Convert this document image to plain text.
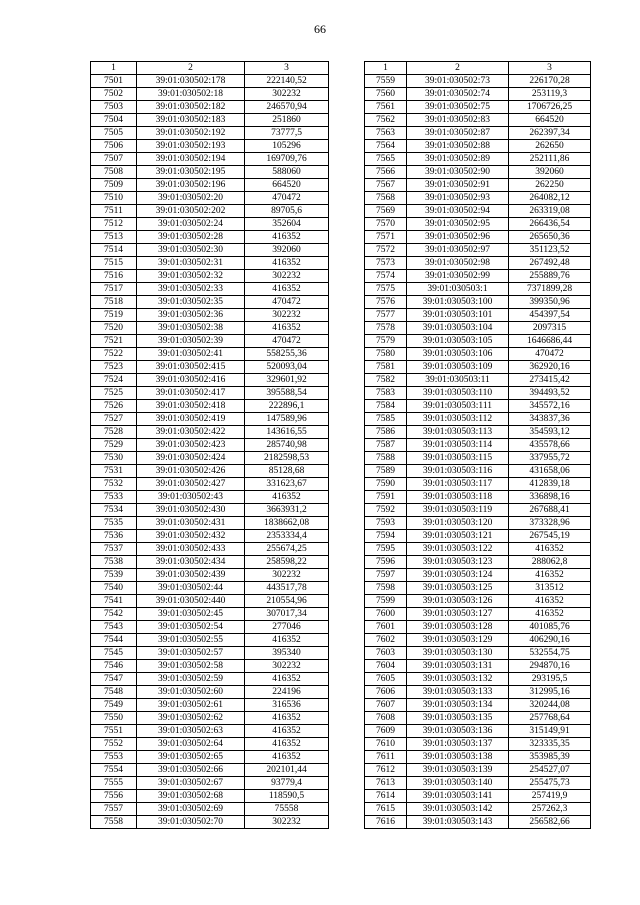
66
1	2	3
7501	39:01:030502:178	222140,52
7502	39:01:030502:18	302232
7503	39:01:030502:182	246570,94
7504	39:01:030502:183	251860
7505	39:01:030502:192	73777,5
7506	39:01:030502:193	105296
7507	39:01:030502:194	169709,76
7508	39:01:030502:195	588060
7509	39:01:030502:196	664520
7510	39:01:030502:20	470472
7511	39:01:030502:202	89705,6
7512	39:01:030502:24	352604
7513	39:01:030502:28	416352
7514	39:01:030502:30	392060
7515	39:01:030502:31	416352
7516	39:01:030502:32	302232
7517	39:01:030502:33	416352
7518	39:01:030502:35	470472
7519	39:01:030502:36	302232
7520	39:01:030502:38	416352
7521	39:01:030502:39	470472
7522	39:01:030502:41	558255,36
7523	39:01:030502:415	520093,04
7524	39:01:030502:416	329601,92
7525	39:01:030502:417	395588,54
7526	39:01:030502:418	222896,1
7527	39:01:030502:419	147589,96
7528	39:01:030502:422	143616,55
7529	39:01:030502:423	285740,98
7530	39:01:030502:424	2182598,53
7531	39:01:030502:426	85128,68
7532	39:01:030502:427	331623,67
7533	39:01:030502:43	416352
7534	39:01:030502:430	3663931,2
7535	39:01:030502:431	1838662,08
7536	39:01:030502:432	2353334,4
7537	39:01:030502:433	255674,25
7538	39:01:030502:434	258598,22
7539	39:01:030502:439	302232
7540	39:01:030502:44	443517,78
7541	39:01:030502:440	210554,96
7542	39:01:030502:45	307017,34
7543	39:01:030502:54	277046
7544	39:01:030502:55	416352
7545	39:01:030502:57	395340
7546	39:01:030502:58	302232
7547	39:01:030502:59	416352
7548	39:01:030502:60	224196
7549	39:01:030502:61	316536
7550	39:01:030502:62	416352
7551	39:01:030502:63	416352
7552	39:01:030502:64	416352
7553	39:01:030502:65	416352
7554	39:01:030502:66	202101,44
7555	39:01:030502:67	93779,4
7556	39:01:030502:68	118590,5
7557	39:01:030502:69	75558
7558	39:01:030502:70	302232
1	2	3
7559	39:01:030502:73	226170,28
7560	39:01:030502:74	253119,3
7561	39:01:030502:75	1706726,25
7562	39:01:030502:83	664520
7563	39:01:030502:87	262397,34
7564	39:01:030502:88	262650
7565	39:01:030502:89	252111,86
7566	39:01:030502:90	392060
7567	39:01:030502:91	262250
7568	39:01:030502:93	264082,12
7569	39:01:030502:94	263319,08
7570	39:01:030502:95	266436,54
7571	39:01:030502:96	265650,36
7572	39:01:030502:97	351123,52
7573	39:01:030502:98	267492,48
7574	39:01:030502:99	255889,76
7575	39:01:030503:1	7371899,28
7576	39:01:030503:100	399350,96
7577	39:01:030503:101	454397,54
7578	39:01:030503:104	2097315
7579	39:01:030503:105	1646686,44
7580	39:01:030503:106	470472
7581	39:01:030503:109	362920,16
7582	39:01:030503:11	273415,42
7583	39:01:030503:110	394493,52
7584	39:01:030503:111	345572,16
7585	39:01:030503:112	343837,36
7586	39:01:030503:113	354593,12
7587	39:01:030503:114	435578,66
7588	39:01:030503:115	337955,72
7589	39:01:030503:116	431658,06
7590	39:01:030503:117	412839,18
7591	39:01:030503:118	336898,16
7592	39:01:030503:119	267688,41
7593	39:01:030503:120	373328,96
7594	39:01:030503:121	267545,19
7595	39:01:030503:122	416352
7596	39:01:030503:123	288062,8
7597	39:01:030503:124	416352
7598	39:01:030503:125	313512
7599	39:01:030503:126	416352
7600	39:01:030503:127	416352
7601	39:01:030503:128	401085,76
7602	39:01:030503:129	406290,16
7603	39:01:030503:130	532554,75
7604	39:01:030503:131	294870,16
7605	39:01:030503:132	293195,5
7606	39:01:030503:133	312995,16
7607	39:01:030503:134	320244,08
7608	39:01:030503:135	257768,64
7609	39:01:030503:136	315149,91
7610	39:01:030503:137	323335,35
7611	39:01:030503:138	353985,39
7612	39:01:030503:139	254527,07
7613	39:01:030503:140	255475,73
7614	39:01:030503:141	257419,9
7615	39:01:030503:142	257262,3
7616	39:01:030503:143	256582,66
